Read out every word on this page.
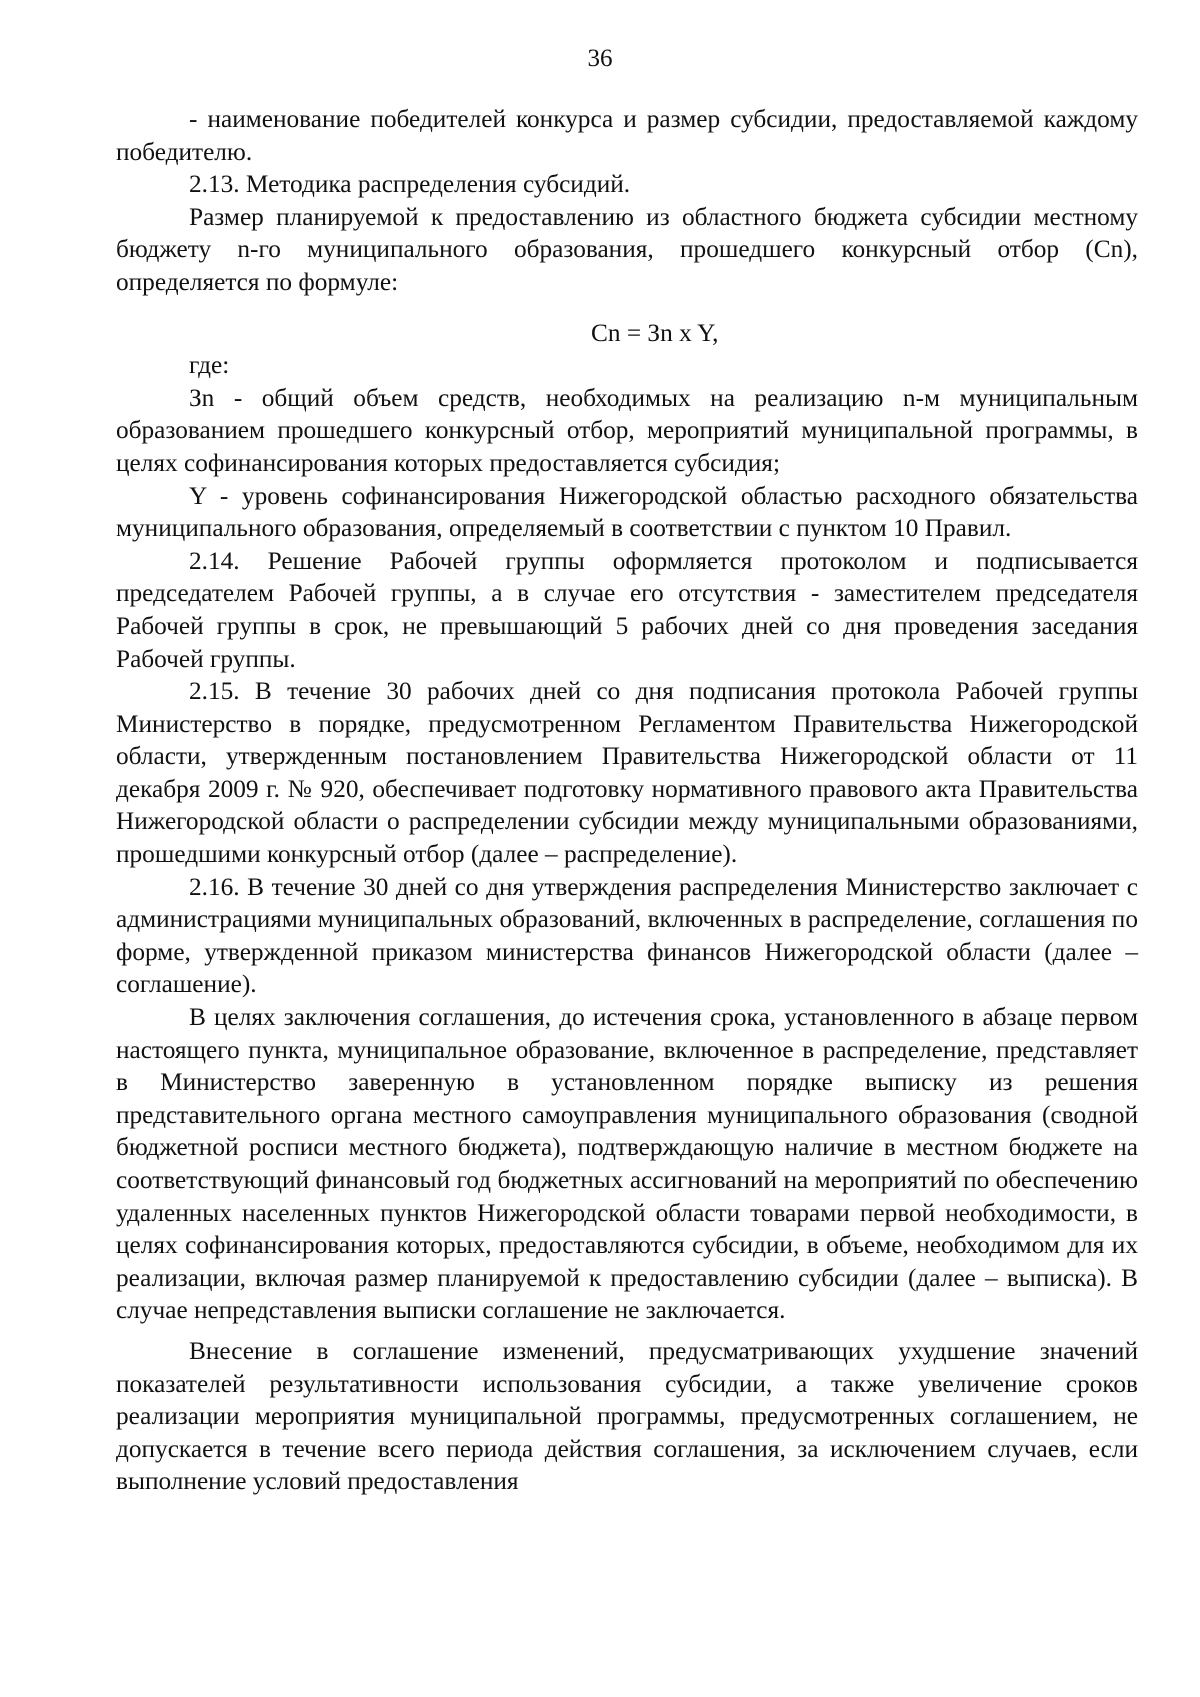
36

- наименование победителей конкурса и размер субсидии, предоставляемой каждому победителю.

2.13. Методика распределения субсидий.

Размер планируемой к предоставлению из областного бюджета субсидии местному бюджету n-го муниципального образования, прошедшего конкурсный отбор (Cn), определяется по формуле:

Cn = Зn x Y,

где:

Зn - общий объем средств, необходимых на реализацию n-м муниципальным образованием прошедшего конкурсный отбор, мероприятий муниципальной программы, в целях софинансирования которых предоставляется субсидия;

Y - уровень софинансирования Нижегородской областью расходного обязательства муниципального образования, определяемый в соответствии с пунктом 10 Правил.

2.14. Решение Рабочей группы оформляется протоколом и подписывается председателем Рабочей группы, а в случае его отсутствия - заместителем председателя Рабочей группы в срок, не превышающий 5 рабочих дней со дня проведения заседания Рабочей группы.

2.15. В течение 30 рабочих дней со дня подписания протокола Рабочей группы Министерство в порядке, предусмотренном Регламентом Правительства Нижегородской области, утвержденным постановлением Правительства Нижегородской области от 11 декабря 2009 г. № 920, обеспечивает подготовку нормативного правового акта Правительства Нижегородской области о распределении субсидии между муниципальными образованиями, прошедшими конкурсный отбор (далее – распределение).

2.16. В течение 30 дней со дня утверждения распределения Министерство заключает с администрациями муниципальных образований, включенных в распределение, соглашения по форме, утвержденной приказом министерства финансов Нижегородской области (далее – соглашение).

В целях заключения соглашения, до истечения срока, установленного в абзаце первом настоящего пункта, муниципальное образование, включенное в распределение, представляет в Министерство заверенную в установленном порядке выписку из решения представительного органа местного самоуправления муниципального образования (сводной бюджетной росписи местного бюджета), подтверждающую наличие в местном бюджете на соответствующий финансовый год бюджетных ассигнований на мероприятий по обеспечению удаленных населенных пунктов Нижегородской области товарами первой необходимости, в целях софинансирования которых, предоставляются субсидии, в объеме, необходимом для их реализации, включая размер планируемой к предоставлению субсидии (далее – выписка). В случае непредставления выписки соглашение не заключается.

Внесение в соглашение изменений, предусматривающих ухудшение значений показателей результативности использования субсидии, а также увеличение сроков реализации мероприятия муниципальной программы, предусмотренных соглашением, не допускается в течение всего периода действия соглашения, за исключением случаев, если выполнение условий предоставления
